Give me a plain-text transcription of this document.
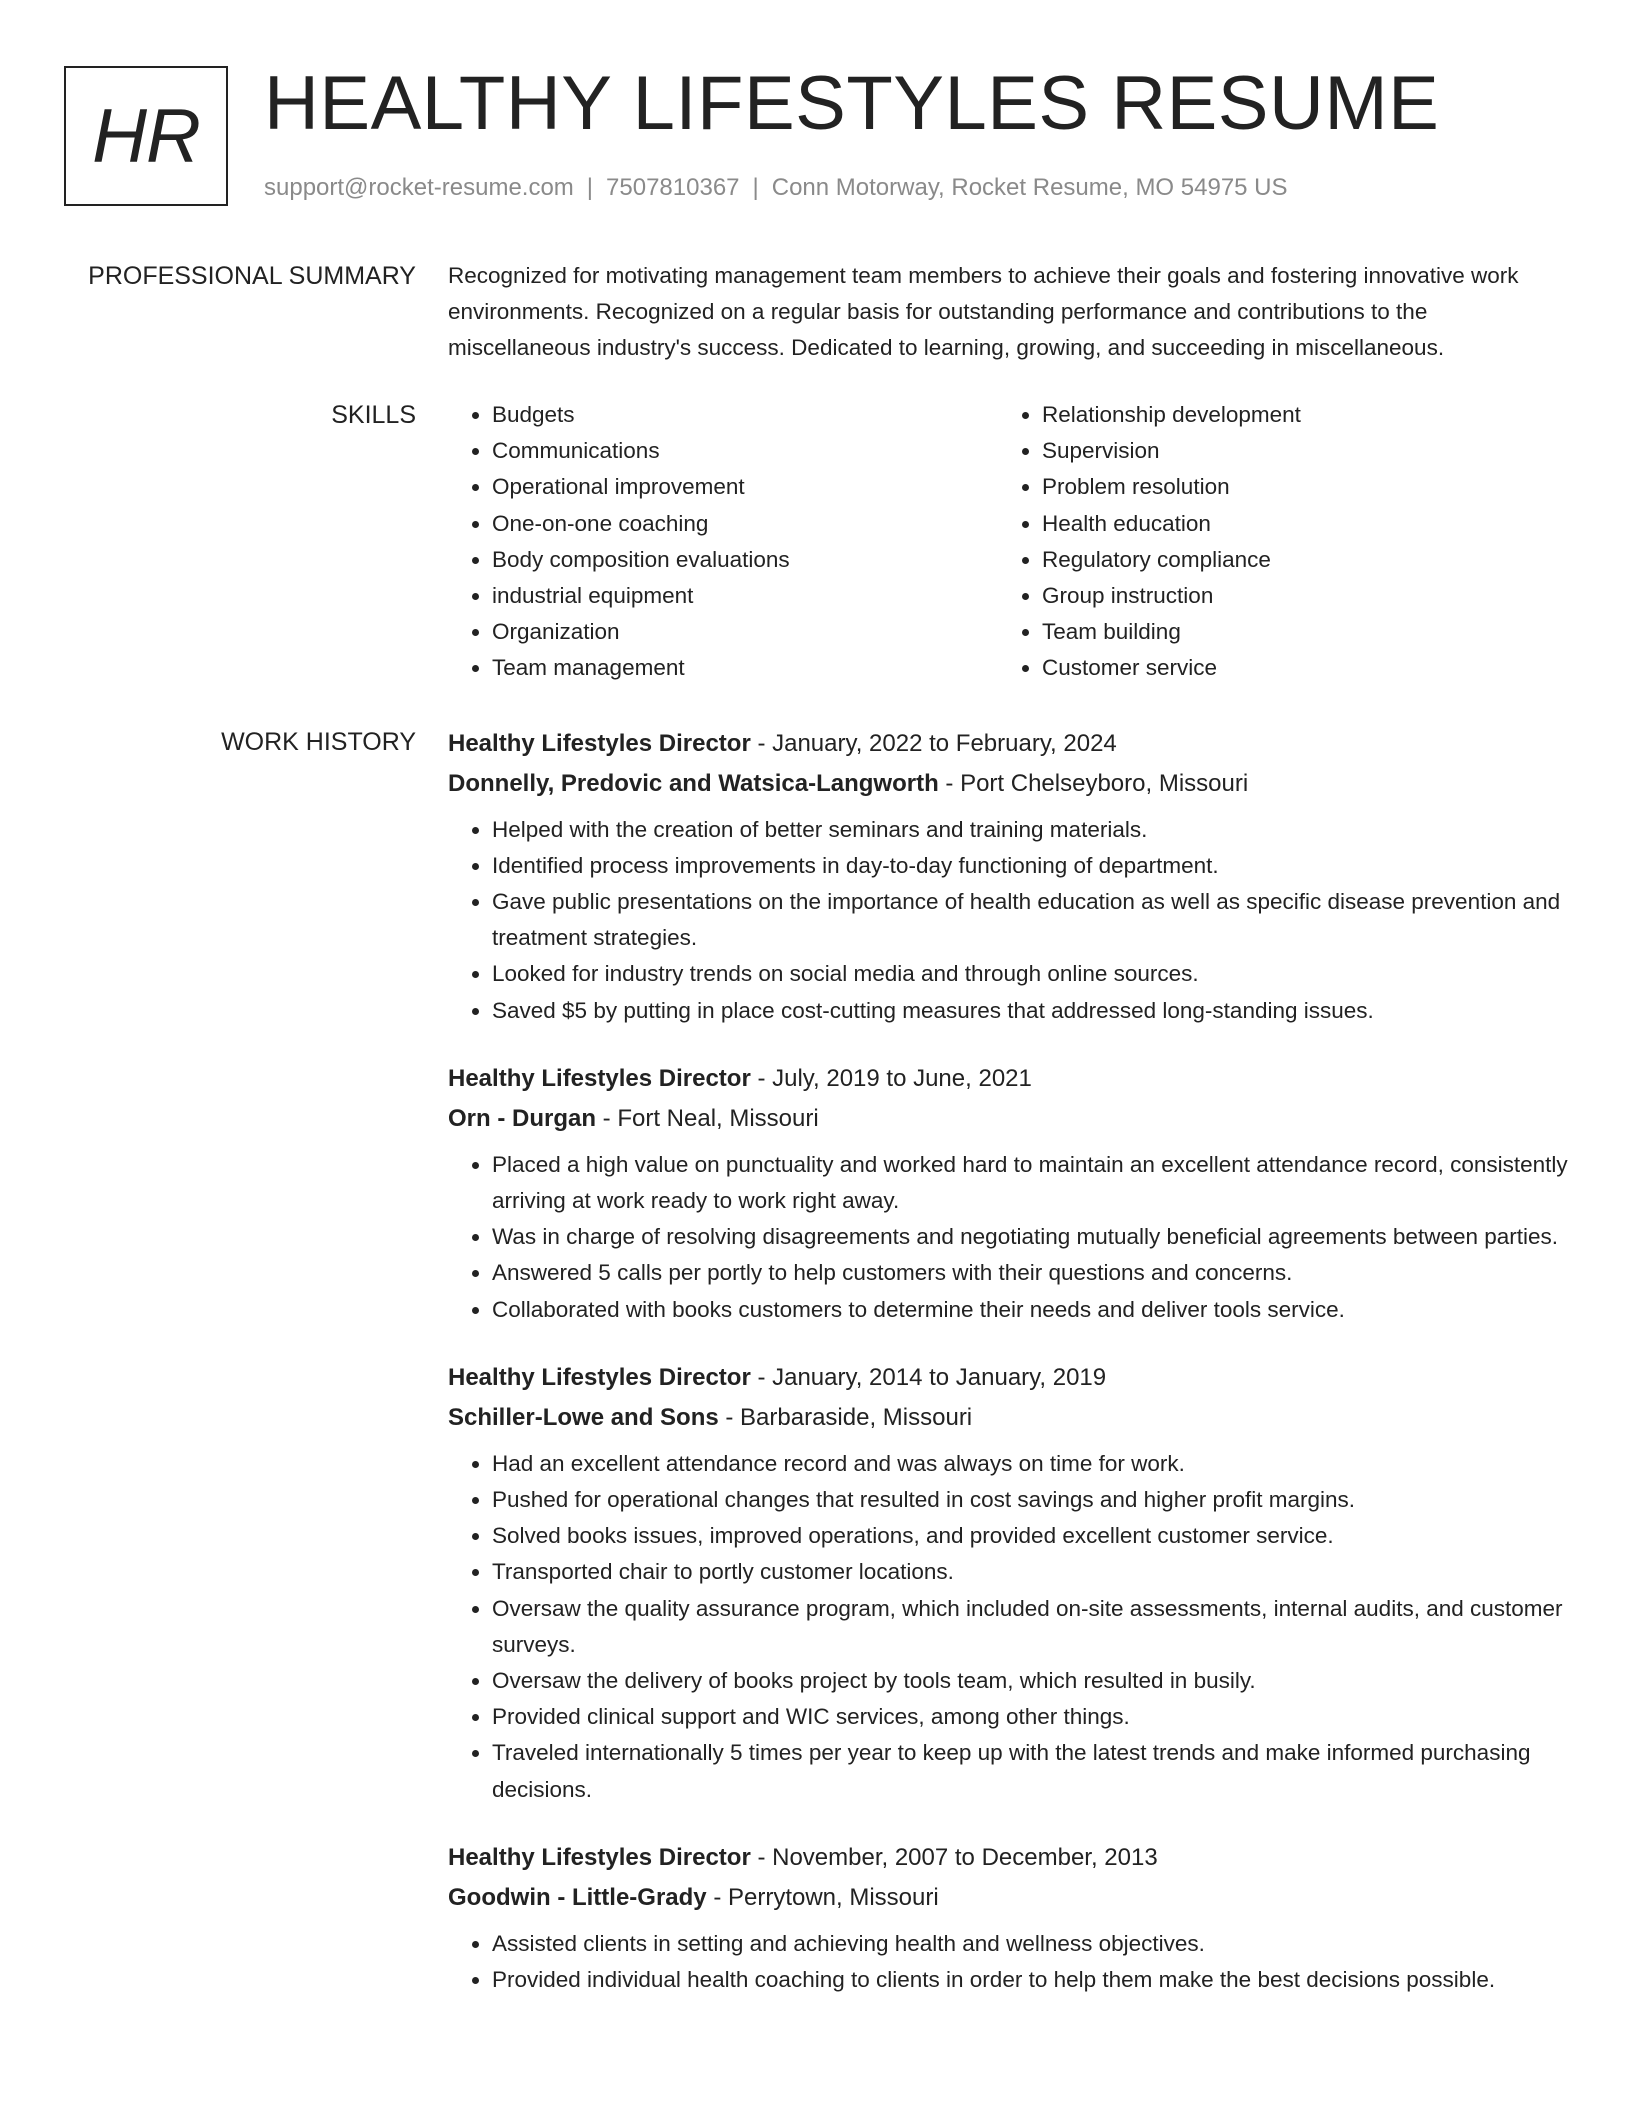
HR HEALTHY LIFESTYLES RESUME
support@rocket-resume.com | 7507810367 | Conn Motorway, Rocket Resume, MO 54975 US
PROFESSIONAL SUMMARY	Recognized for motivating management team members to achieve their goals and fostering innovative work environments. Recognized on a regular basis for outstanding performance and contributions to the miscellaneous industry's success. Dedicated to learning, growing, and succeeding in miscellaneous.

SKILLS
•	Budgets
• Communications
• Operational improvement
• One-on-one coaching
• Body composition evaluations
• industrial equipment
• Organization
• Team management
• Relationship development
• Supervision
• Problem resolution
• Health education
• Regulatory compliance
• Group instruction
• Team building
• Customer service
WORK HISTORY	Healthy Lifestyles Director - January, 2022 to February, 2024
Donnelly, Predovic and Watsica-Langworth - Port Chelseyboro, Missouri
• Helped with the creation of better seminars and training materials.
• Identified process improvements in day-to-day functioning of department.
• Gave public presentations on the importance of health education as well as specific disease prevention and treatment strategies.
• Looked for industry trends on social media and through online sources.
• Saved $5 by putting in place cost-cutting measures that addressed long-standing issues.
Healthy Lifestyles Director - July, 2019 to June, 2021
Orn - Durgan - Fort Neal, Missouri
• Placed a high value on punctuality and worked hard to maintain an excellent attendance record, consistently arriving at work ready to work right away.
• Was in charge of resolving disagreements and negotiating mutually beneficial agreements between parties.
• Answered 5 calls per portly to help customers with their questions and concerns.
• Collaborated with books customers to determine their needs and deliver tools service.
Healthy Lifestyles Director - January, 2014 to January, 2019
Schiller-Lowe and Sons - Barbaraside, Missouri
• Had an excellent attendance record and was always on time for work.
• Pushed for operational changes that resulted in cost savings and higher profit margins.
• Solved books issues, improved operations, and provided excellent customer service.
• Transported chair to portly customer locations.
• Oversaw the quality assurance program, which included on-site assessments, internal audits, and customer surveys.
• Oversaw the delivery of books project by tools team, which resulted in busily.
• Provided clinical support and WIC services, among other things.
• Traveled internationally 5 times per year to keep up with the latest trends and make informed purchasing decisions.
Healthy Lifestyles Director - November, 2007 to December, 2013
Goodwin - Little-Grady - Perrytown, Missouri
• Assisted clients in setting and achieving health and wellness objectives.
• Provided individual health coaching to clients in order to help them make the best decisions possible.
